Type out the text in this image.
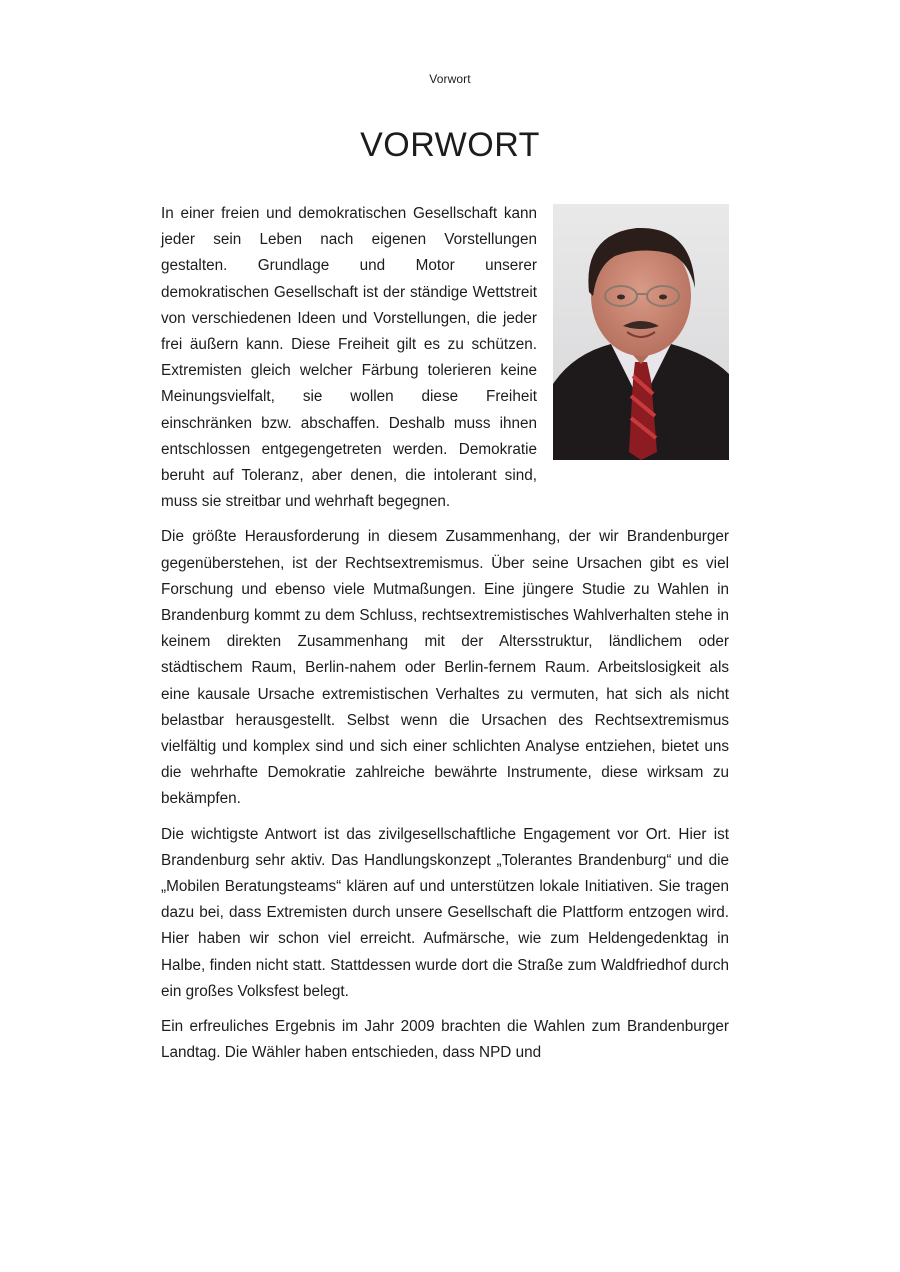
Vorwort
VORWORT

In einer freien und demokratischen Gesellschaft kann jeder sein Leben nach eigenen Vorstellungen gestalten. Grundlage und Motor unserer demokratischen Gesellschaft ist der ständige Wettstreit von verschiedenen Ideen und Vorstellungen, die jeder frei äußern kann. Diese Freiheit gilt es zu schützen. Extremisten gleich welcher Färbung tolerieren keine Meinungsvielfalt, sie wollen diese Freiheit einschränken bzw. abschaffen. Deshalb muss ihnen entschlossen entgegengetreten werden. Demokratie beruht auf Toleranz, aber denen, die intolerant sind, muss sie streitbar und wehrhaft begegnen.

Die größte Herausforderung in diesem Zusammenhang, der wir Brandenburger gegenüberstehen, ist der Rechtsextremismus. Über seine Ursachen gibt es viel Forschung und ebenso viele Mutmaßungen. Eine jüngere Studie zu Wahlen in Brandenburg kommt zu dem Schluss, rechtsextremistisches Wahlverhalten stehe in keinem direkten Zusammenhang mit der Altersstruktur, ländlichem oder städtischem Raum, Berlin-nahem oder Berlin-fernem Raum. Arbeitslosigkeit als eine kausale Ursache extremistischen Verhaltes zu vermuten, hat sich als nicht belastbar herausgestellt. Selbst wenn die Ursachen des Rechtsextremismus vielfältig und komplex sind und sich einer schlichten Analyse entziehen, bietet uns die wehrhafte Demokratie zahlreiche bewährte Instrumente, diese wirksam zu bekämpfen.

Die wichtigste Antwort ist das zivilgesellschaftliche Engagement vor Ort. Hier ist Brandenburg sehr aktiv. Das Handlungskonzept „Tolerantes Brandenburg“ und die „Mobilen Beratungsteams“ klären auf und unterstützen lokale Initiativen. Sie tragen dazu bei, dass Extremisten durch unsere Gesellschaft die Plattform entzogen wird. Hier haben wir schon viel erreicht. Aufmärsche, wie zum Heldengedenktag in Halbe, finden nicht statt. Stattdessen wurde dort die Straße zum Waldfriedhof durch ein großes Volksfest belegt.

Ein erfreuliches Ergebnis im Jahr 2009 brachten die Wahlen zum Brandenburger Landtag. Die Wähler haben entschieden, dass NPD und
